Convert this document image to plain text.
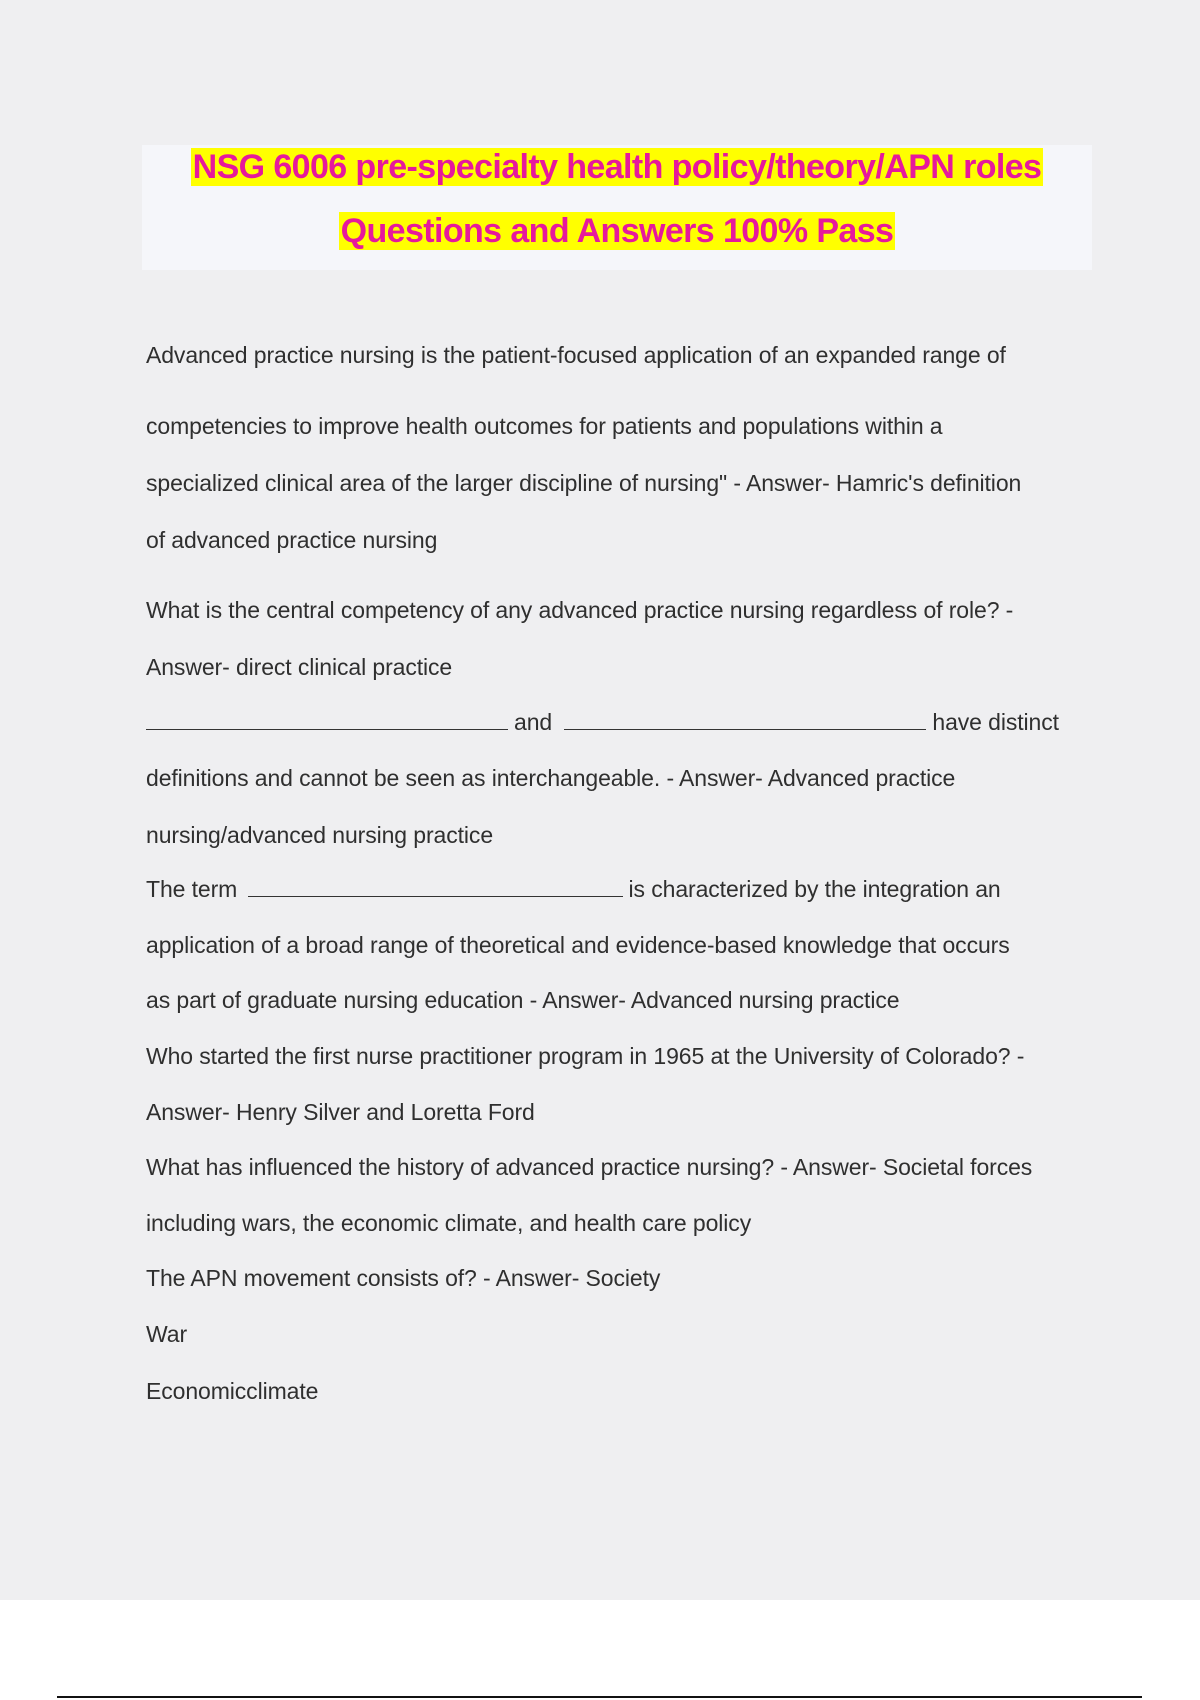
NSG 6006 pre-specialty health policy/theory/APN roles
Questions and Answers 100% Pass
Advanced practice nursing is the patient-focused application of an expanded range of
competencies to improve health outcomes for patients and populations within a
specialized clinical area of the larger discipline of nursing" - Answer- Hamric's definition
of advanced practice nursing
What is the central competency of any advanced practice nursing regardless of role? -
Answer- direct clinical practice
and	have distinct
definitions and cannot be seen as interchangeable. - Answer- Advanced practice
nursing/advanced nursing practice
The term	is characterized by the integration an
application of a broad range of theoretical and evidence-based knowledge that occurs
as part of graduate nursing education - Answer- Advanced nursing practice
Who started the first nurse practitioner program in 1965 at the University of Colorado? -
Answer- Henry Silver and Loretta Ford
What has influenced the history of advanced practice nursing? - Answer- Societal forces
including wars, the economic climate, and health care policy
The APN movement consists of? - Answer- Society
War
Economicclimate
